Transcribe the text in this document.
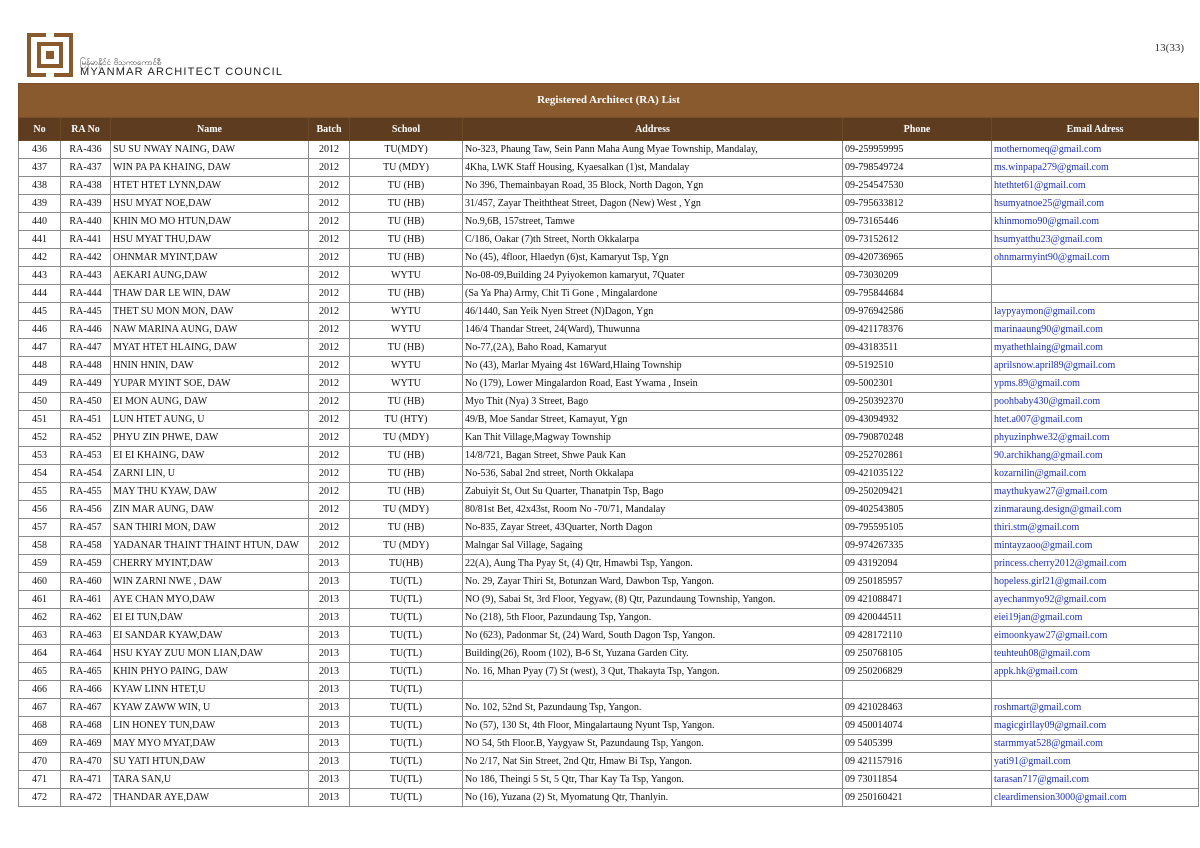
မြန်မာနိုင်ငံ ဗိသုကာကောင်စီ
MYANMAR ARCHITECT COUNCIL
13(33)
Registered Architect (RA) List							
No	RA No	Name	Batch	School	Address	Phone	Email Adress
436	RA-436	SU SU NWAY NAING, DAW	2012	TU(MDY)	No-323, Phaung Taw, Sein Pann Maha Aung Myae Township, Mandalay,	09-259959995	mothernomeq@gmail.com
437	RA-437	WIN PA PA KHAING, DAW	2012	TU (MDY)	4Kha, LWK Staff Housing, Kyaesalkan (1)st, Mandalay	09-798549724	ms.winpapa279@gmail.com
438	RA-438	HTET HTET LYNN,DAW	2012	TU (HB)	No 396, Themainbayan Road, 35 Block, North Dagon, Ygn	09-254547530	htethtet61@gmail.com
439	RA-439	HSU MYAT NOE,DAW	2012	TU (HB)	31/457, Zayar Theiththeat Street, Dagon (New) West , Ygn	09-795633812	hsumyatnoe25@gmail.com
440	RA-440	KHIN MO MO HTUN,DAW	2012	TU (HB)	No.9,6B, 157street, Tamwe	09-73165446	khinmomo90@gmail.com
441	RA-441	HSU MYAT THU,DAW	2012	TU (HB)	C/186, Oakar (7)th Street, North Okkalarpa	09-73152612	hsumyatthu23@gmail.com
442	RA-442	OHNMAR MYINT,DAW	2012	TU (HB)	No (45), 4floor, Hlaedyn (6)st, Kamaryut Tsp, Ygn	09-420736965	ohnmarmyint90@gmail.com
443	RA-443	AEKARI AUNG,DAW	2012	WYTU	No-08-09,Building 24 Pyiyokemon kamaryut, 7Quater	09-73030209	
444	RA-444	THAW DAR LE WIN, DAW	2012	TU (HB)	(Sa Ya Pha) Army, Chit Ti Gone , Mingalardone	09-795844684	
445	RA-445	THET SU MON MON, DAW	2012	WYTU	46/1440, San Yeik Nyen Street (N)Dagon, Ygn	09-976942586	laypyaymon@gmail.com
446	RA-446	NAW MARINA AUNG, DAW	2012	WYTU	146/4 Thandar Street, 24(Ward), Thuwunna	09-421178376	marinaaung90@gmail.com
447	RA-447	MYAT HTET HLAING, DAW	2012	TU (HB)	No-77,(2A), Baho Road, Kamaryut	09-43183511	myathethlaing@gmail.com
448	RA-448	HNIN HNIN, DAW	2012	WYTU	No (43), Marlar Myaing 4st 16Ward,Hlaing Township	09-5192510	aprilsnow.april89@gmail.com
449	RA-449	YUPAR MYINT SOE, DAW	2012	WYTU	No (179), Lower Mingalardon Road, East Ywama , Insein	09-5002301	ypms.89@gmail.com
450	RA-450	EI MON AUNG, DAW	2012	TU (HB)	Myo Thit (Nya) 3 Street, Bago	09-250392370	poohbaby430@gmail.com
451	RA-451	LUN HTET AUNG, U	2012	TU (HTY)	49/B, Moe Sandar Street, Kamayut, Ygn	09-43094932	htet.a007@gmail.com
452	RA-452	PHYU ZIN PHWE, DAW	2012	TU (MDY)	Kan Thit Village,Magway Township	09-790870248	phyuzinphwe32@gmail.com
453	RA-453	EI EI KHAING, DAW	2012	TU (HB)	14/8/721, Bagan Street, Shwe Pauk Kan	09-252702861	90.archikhang@gmail.com
454	RA-454	ZARNI LIN, U	2012	TU (HB)	No-536, Sabal 2nd street, North Okkalapa	09-421035122	kozarnilin@gmail.com
455	RA-455	MAY THU KYAW, DAW	2012	TU (HB)	Zabuiyit St, Out Su Quarter, Thanatpin Tsp, Bago	09-250209421	maythukyaw27@gmail.com
456	RA-456	ZIN MAR AUNG, DAW	2012	TU (MDY)	80/81st Bet, 42x43st, Room No -70/71, Mandalay	09-402543805	zinmaraung.design@gmail.com
457	RA-457	SAN THIRI MON, DAW	2012	TU (HB)	No-835, Zayar Street, 43Quarter, North Dagon	09-795595105	thiri.stm@gmail.com
458	RA-458	YADANAR THAINT THAINT HTUN, DAW	2012	TU (MDY)	Malngar Sal Village, Sagaing	09-974267335	mintayzaoo@gmail.com
459	RA-459	CHERRY MYINT,DAW	2013	TU(HB)	22(A), Aung Tha Pyay St, (4) Qtr, Hmawbi Tsp, Yangon.	09 43192094	princess.cherry2012@gmail.com
460	RA-460	WIN ZARNI NWE , DAW	2013	TU(TL)	No. 29, Zayar Thiri St, Botunzan Ward, Dawbon Tsp, Yangon.	09 250185957	hopeless.girl21@gmail.com
461	RA-461	AYE CHAN MYO,DAW	2013	TU(TL)	NO (9), Sabai St, 3rd Floor, Yegyaw, (8) Qtr, Pazundaung Township, Yangon.	09 421088471	ayechanmyo92@gmail.com
462	RA-462	EI EI TUN,DAW	2013	TU(TL)	No (218), 5th Floor, Pazundaung Tsp, Yangon.	09 420044511	eiei19jan@gmail.com
463	RA-463	EI SANDAR KYAW,DAW	2013	TU(TL)	No (623), Padonmar St, (24) Ward, South Dagon Tsp, Yangon.	09 428172110	eimoonkyaw27@gmail.com
464	RA-464	HSU KYAY ZUU MON LIAN,DAW	2013	TU(TL)	Building(26), Room (102), B-6 St, Yuzana Garden City.	09 250768105	teuhteuh08@gmail.com
465	RA-465	KHIN PHYO PAING, DAW	2013	TU(TL)	No. 16, Mhan Pyay (7) St (west), 3 Qut, Thakayta Tsp, Yangon.	09 250206829	appk.hk@gmail.com
466	RA-466	KYAW LINN HTET,U	2013	TU(TL)			
467	RA-467	KYAW ZAWW WIN, U	2013	TU(TL)	No. 102, 52nd St, Pazundaung Tsp, Yangon.	09 421028463	roshmart@gmail.com
468	RA-468	LIN HONEY TUN,DAW	2013	TU(TL)	No (57), 130 St, 4th Floor, Mingalartaung Nyunt Tsp, Yangon.	09 450014074	magicgirllay09@gmail.com
469	RA-469	MAY MYO MYAT,DAW	2013	TU(TL)	NO 54, 5th Floor.B, Yaygyaw St, Pazundaung Tsp, Yangon.	09 5405399	starmmyat528@gmail.com
470	RA-470	SU YATI HTUN,DAW	2013	TU(TL)	No 2/17, Nat Sin Street, 2nd Qtr, Hmaw Bi Tsp, Yangon.	09 421157916	yati91@gmail.com
471	RA-471	TARA SAN,U	2013	TU(TL)	No 186, Theingi 5 St, 5 Qtr, Thar Kay Ta Tsp, Yangon.	09 73011854	tarasan717@gmail.com
472	RA-472	THANDAR AYE,DAW	2013	TU(TL)	No (16), Yuzana (2) St, Myomatung Qtr, Thanlyin.	09 250160421	cleardimension3000@gmail.com
